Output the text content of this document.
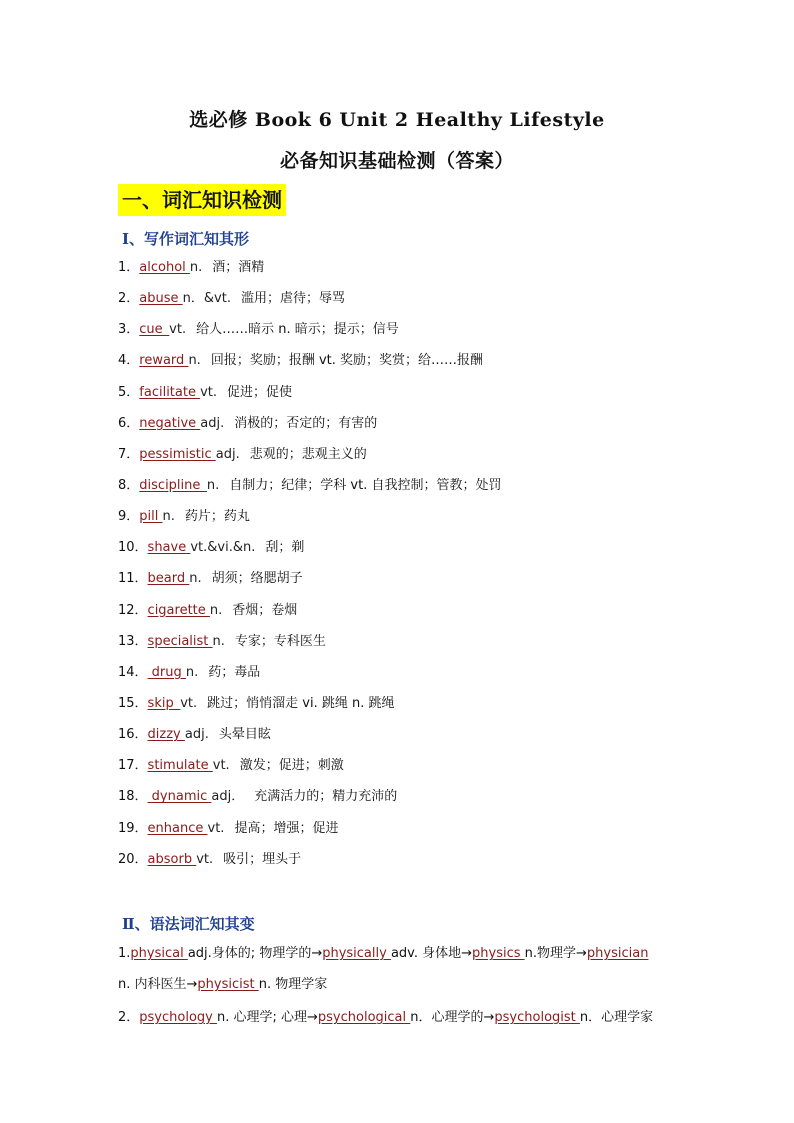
选必修 Book 6 Unit 2 Healthy Lifestyle
必备知识基础检测（答案）
一、词汇知识检测
Ⅰ、写作词汇知其形
1．alcohol n. 酒；酒精
2．abuse n．&vt. 滥用；虐待；辱骂
3．cue_vt. 给人……暗示 n. 暗示；提示；信号
4．reward n. 回报；奖励；报酬 vt. 奖励；奖赏；给……报酬
5．facilitate vt. 促进；促使
6．negative adj. 消极的；否定的；有害的
7．pessimistic adj. 悲观的；悲观主义的
8．discipline_n. 自制力；纪律；学科 vt. 自我控制；管教；处罚
9．pill n. 药片；药丸
10．shave vt.&vi.&n. 刮；剃
11．beard n. 胡须；络腮胡子
12．cigarette n. 香烟；卷烟
13．specialist n. 专家；专科医生
14． drug n. 药；毒品
15．skip_vt. 跳过；悄悄溜走 vi. 跳绳 n. 跳绳
16．dizzy adj. 头晕目眩
17．stimulate vt. 激发；促进；刺激
18． dynamic adj． 充满活力的；精力充沛的
19．enhance vt. 提高；增强；促进
20．absorb vt. 吸引；埋头于
Ⅱ、语法词汇知其变
1.physical adj.身体的; 物理学的→physically adv. 身体地→physics n.物理学→physician
n. 内科医生→physicist n. 物理学家
2．psychology n. 心理学; 心理→psychological n．心理学的→psychologist n．心理学家
